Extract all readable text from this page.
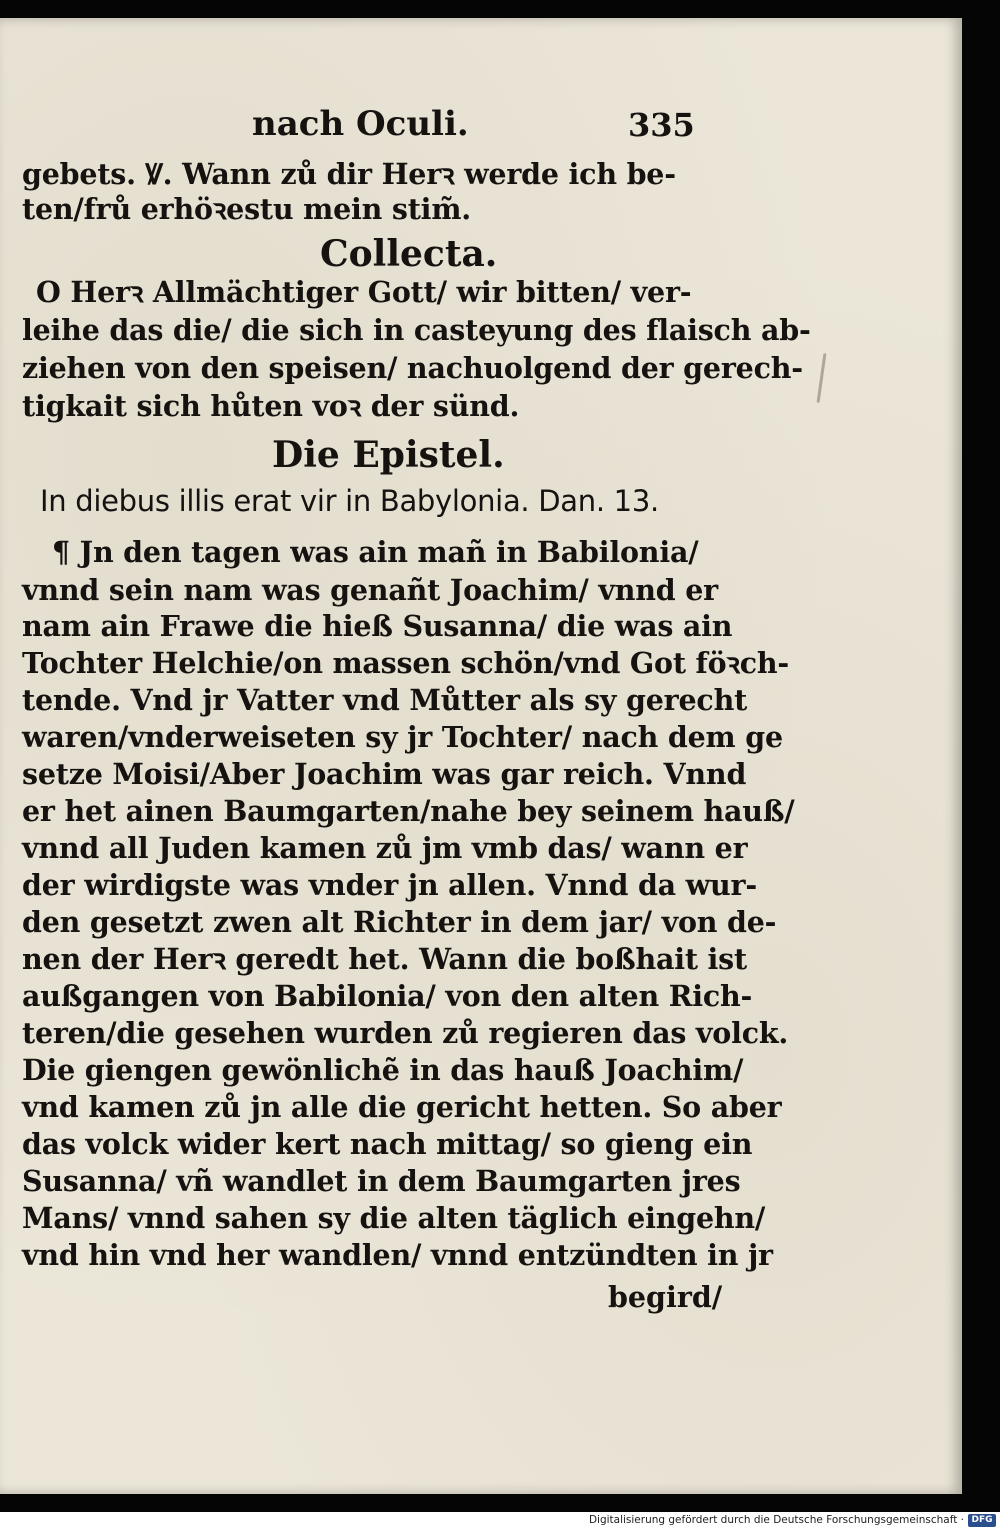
nach Oculi.	335
gebets. Ꝟ. Wann zů dir Herꝛ werde ich be-
ten/frů erhöꝛestu mein stim̃.
Collecta.
O Herꝛ Allmächtiger Gott/ wir bitten/ ver-
leihe das die/ die sich in casteyung des flaisch ab-
ziehen von den speisen/ nachuolgend der gerech-
tigkait sich hůten voꝛ der sünd.
Die Epistel.
In diebus illis erat vir in Babylonia. Dan. 13.
¶ Jn den tagen was ain mañ in Babilonia/
vnnd sein nam was genañt Joachim/ vnnd er
nam ain Frawe die hieß Susanna/ die was ain
Tochter Helchie/on massen schön/vnd Got föꝛch-
tende. Vnd jr Vatter vnd Můtter als sy gerecht
waren/vnderweiseten sy jr Tochter/ nach dem ge
setze Moisi/Aber Joachim was gar reich. Vnnd
er het ainen Baumgarten/nahe bey seinem hauß/
vnnd all Juden kamen zů jm vmb das/ wann er
der wirdigste was vnder jn allen. Vnnd da wur-
den gesetzt zwen alt Richter in dem jar/ von de-
nen der Herꝛ geredt het. Wann die boßhait ist
außgangen von Babilonia/ von den alten Rich-
teren/die gesehen wurden zů regieren das volck.
Die giengen gewönlichẽ in das hauß Joachim/
vnd kamen zů jn alle die gericht hetten. So aber
das volck wider kert nach mittag/ so gieng ein
Susanna/ vñ wandlet in dem Baumgarten jres
Mans/ vnnd sahen sy die alten täglich eingehn/
vnd hin vnd her wandlen/ vnnd entzündten in jr
begird/
Digitalisierung gefördert durch die Deutsche Forschungsgemeinschaft · DFG
